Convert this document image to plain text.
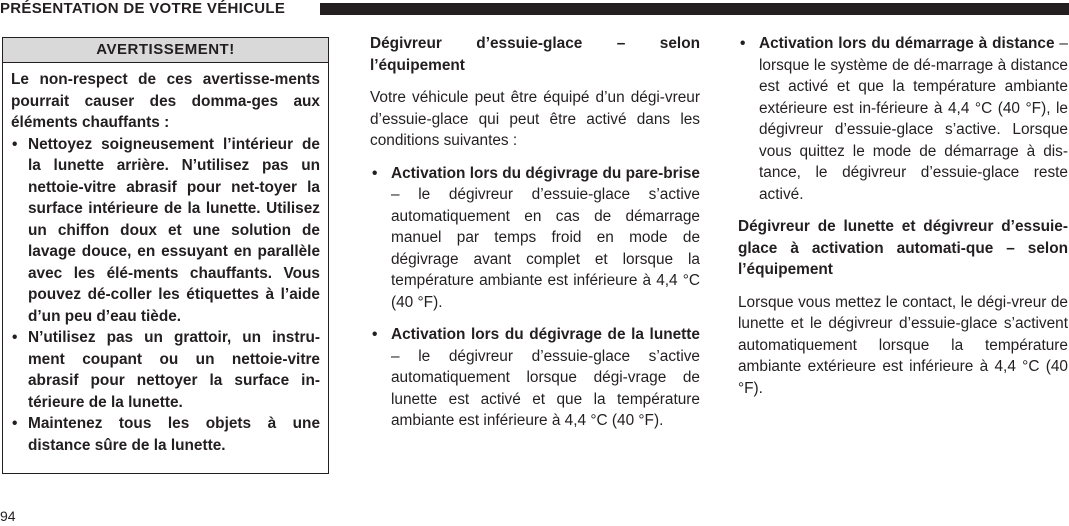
PRÉSENTATION DE VOTRE VÉHICULE
AVERTISSEMENT!

Le non-respect de ces avertisse-ments pourrait causer des domma-ges aux éléments chauffants :

• Nettoyez soigneusement l’intérieur de la lunette arrière. N’utilisez pas un nettoie-vitre abrasif pour net-toyer la surface intérieure de la lunette. Utilisez un chiffon doux et une solution de lavage douce, en essuyant en parallèle avec les élé-ments chauffants. Vous pouvez dé-coller les étiquettes à l’aide d’un peu d’eau tiède.
• N’utilisez pas un grattoir, un instru-ment coupant ou un nettoie-vitre abrasif pour nettoyer la surface in-térieure de la lunette.
• Maintenez tous les objets à une distance sûre de la lunette.
Dégivreur d’essuie-glace – selon l’équipement

Votre véhicule peut être équipé d’un dégi-vreur d’essuie-glace qui peut être activé dans les conditions suivantes :

• Activation lors du dégivrage du pare-brise – le dégivreur d’essuie-glace s’active automatiquement en cas de démarrage manuel par temps froid en mode de dégivrage avant complet et lorsque la température ambiante est inférieure à 4,4 °C (40 °F).
• Activation lors du dégivrage de la lunette – le dégivreur d’essuie-glace s’active automatiquement lorsque dégi-vrage de lunette est activé et que la température ambiante est inférieure à 4,4 °C (40 °F).
• Activation lors du démarrage à distance – lorsque le système de dé-marrage à distance est activé et que la température ambiante extérieure est in-férieure à 4,4 °C (40 °F), le dégivreur d’essuie-glace s’active. Lorsque vous quittez le mode de démarrage à dis-tance, le dégivreur d’essuie-glace reste activé.
Dégivreur de lunette et dégivreur d’essuie-glace à activation automati-que – selon l’équipement

Lorsque vous mettez le contact, le dégi-vreur de lunette et le dégivreur d’essuie-glace s’activent automatiquement lorsque la température ambiante extérieure est inférieure à 4,4 °C (40 °F).

94
